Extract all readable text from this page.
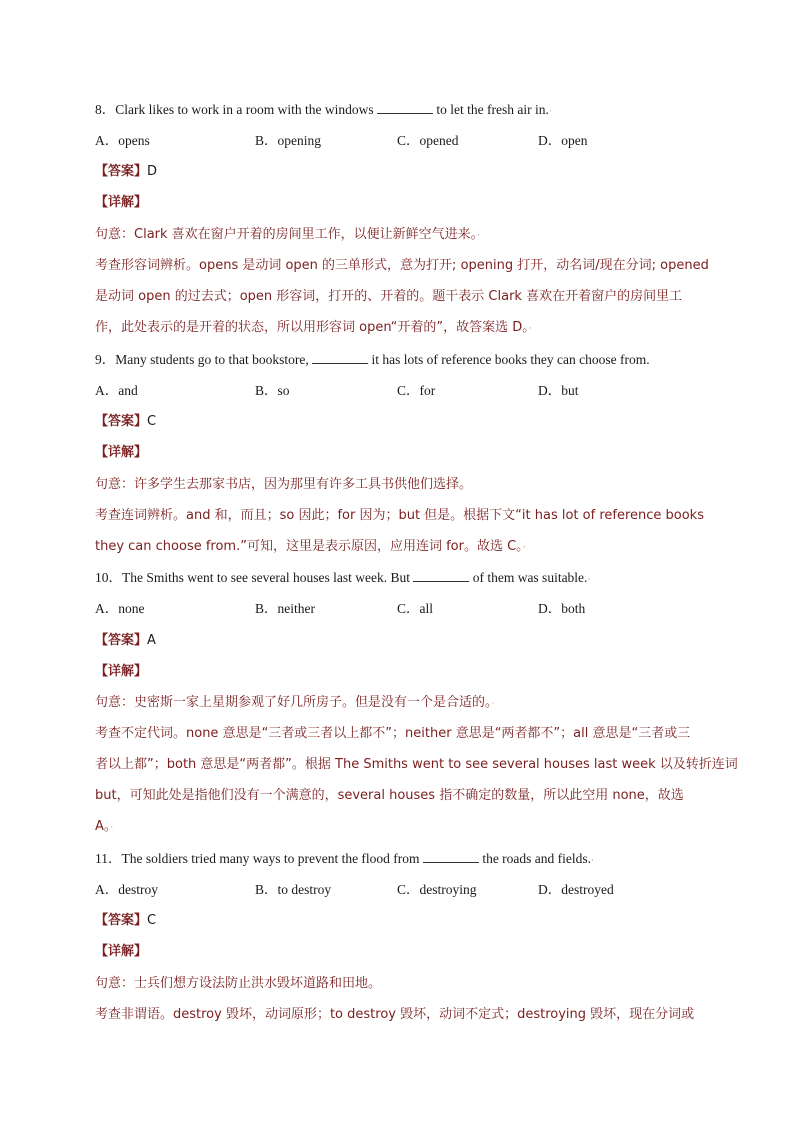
8．Clark likes to work in a room with the windows	to let the fresh air in.·
A．opens	B．opening	C．opened	D．open
【答案】D
【详解】
句意：Clark 喜欢在窗户开着的房间里工作，以便让新鲜空气进来。·
考查形容词辨析。opens 是动词 open 的三单形式，意为打开; opening 打开，动名词/现在分词; opened
是动词 open 的过去式；open 形容词，打开的、开着的。题干表示 Clark 喜欢在开着窗户的房间里工
作，此处表示的是开着的状态，所以用形容词 open“开着的”，故答案选 D。·
9．Many students go to that bookstore,	it has lots of reference books they can choose from.
A．and	B．so	C．for	D．but
【答案】C
【详解】
句意：许多学生去那家书店，因为那里有许多工具书供他们选择。
考查连词辨析。and 和，而且；so 因此；for 因为；but 但是。根据下文“it has lot of reference books
they can choose from.”可知，这里是表示原因，应用连词 for。故选 C。·
10．The Smiths went to see several houses last week. But	of them was suitable.·
A．none	B．neither	C．all	D．both
【答案】A
【详解】
句意：史密斯一家上星期参观了好几所房子。但是没有一个是合适的。·
考查不定代词。none 意思是“三者或三者以上都不”；neither 意思是“两者都不”；all 意思是“三者或三
者以上都”；both 意思是“两者都”。根据 The Smiths went to see several houses last week 以及转折连词
but，可知此处是指他们没有一个满意的，several houses 指不确定的数量，所以此空用 none，故选
A。·
11．The soldiers tried many ways to prevent the flood from	the roads and fields.·
A．destroy	B．to destroy	C．destroying	D．destroyed
【答案】C
【详解】
句意：士兵们想方设法防止洪水毁坏道路和田地。
考查非谓语。destroy 毁坏，动词原形；to destroy 毁坏，动词不定式；destroying 毁坏，现在分词或
